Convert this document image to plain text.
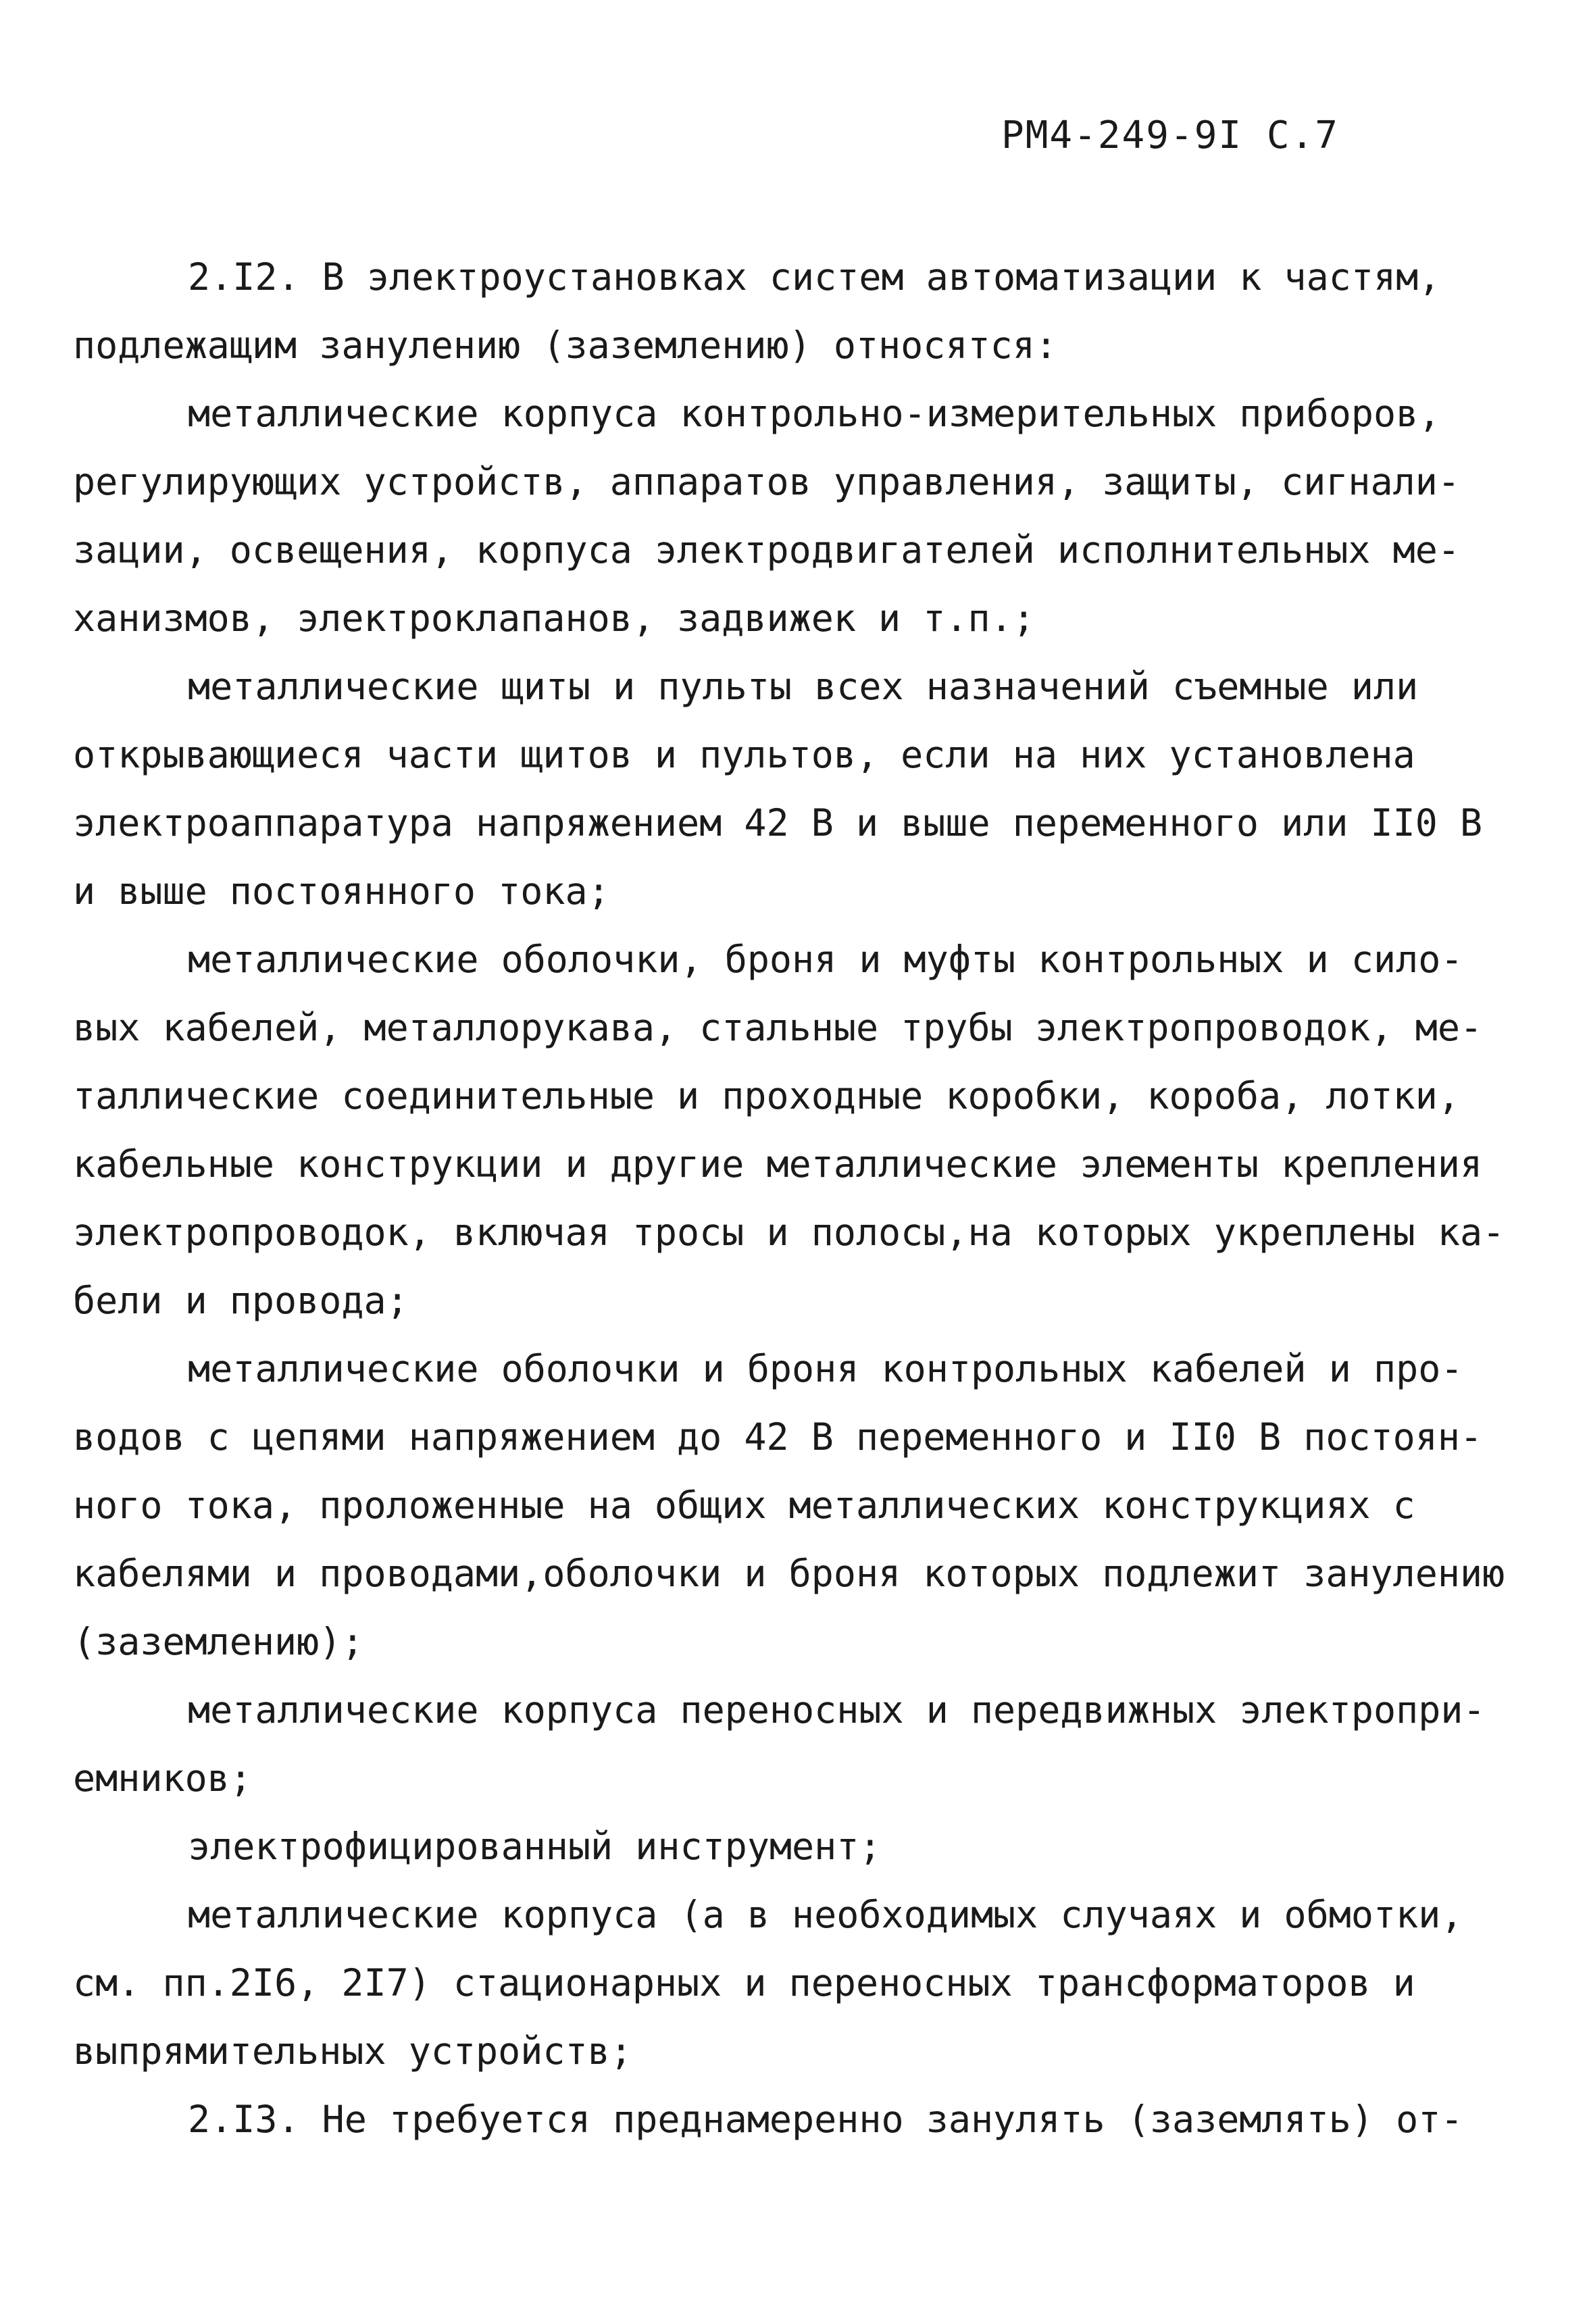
РМ4-249-9I С.7
2.I2. В электроустановках систем автоматизации к частям,
подлежащим занулению (заземлению) относятся:
металлические корпуса контрольно-измерительных приборов,
регулирующих устройств, аппаратов управления, защиты, сигнали-
зации, освещения, корпуса электродвигателей исполнительных ме-
ханизмов, электроклапанов, задвижек и т.п.;
металлические щиты и пульты всех назначений съемные или
открывающиеся части щитов и пультов, если на них установлена
электроаппаратура напряжением 42 В и выше переменного или II0 В
и выше постоянного тока;
металлические оболочки, броня и муфты контрольных и сило-
вых кабелей, металлорукава, стальные трубы электропроводок, ме-
таллические соединительные и проходные коробки, короба, лотки,
кабельные конструкции и другие металлические элементы крепления
электропроводок, включая тросы и полосы,на которых укреплены ка-
бели и провода;
металлические оболочки и броня контрольных кабелей и про-
водов с цепями напряжением до 42 В переменного и II0 В постоян-
ного тока, проложенные на общих металлических конструкциях с
кабелями и проводами,оболочки и броня которых подлежит занулению
(заземлению);
металлические корпуса переносных и передвижных электропри-
емников;
электрофицированный инструмент;
металлические корпуса (а в необходимых случаях и обмотки,
см. пп.2I6, 2I7) стационарных и переносных трансформаторов и
выпрямительных устройств;
2.I3. Не требуется преднамеренно занулять (заземлять) от-
